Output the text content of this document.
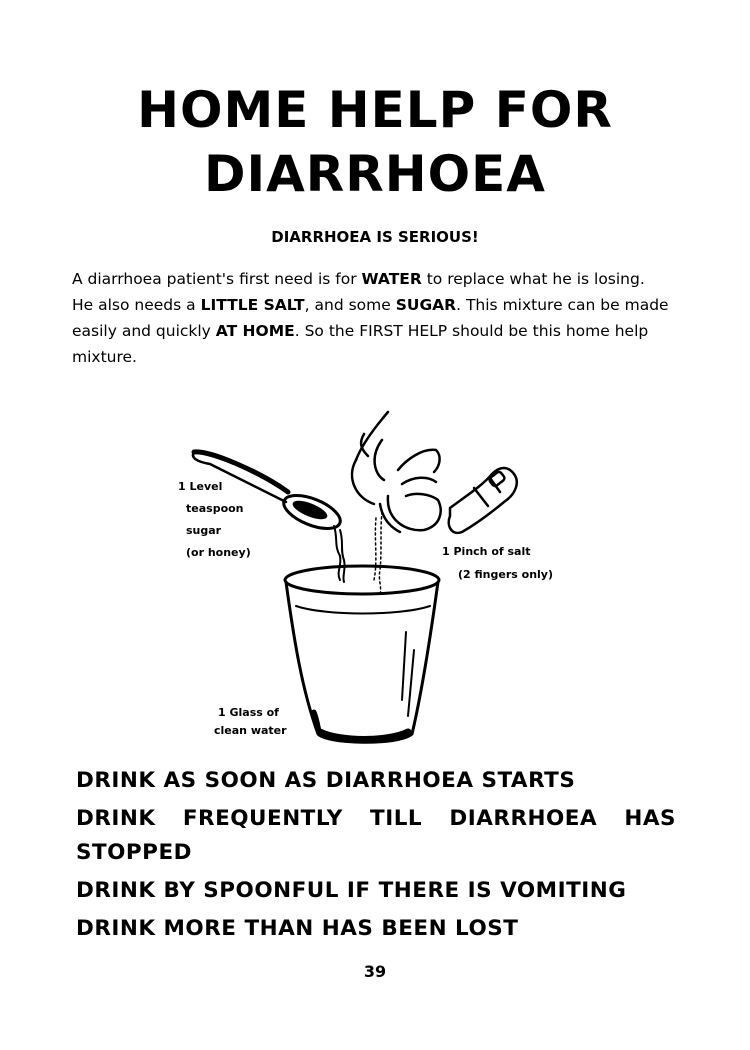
HOME HELP FOR
DIARRHOEA

DIARRHOEA IS SERIOUS!

A diarrhoea patient's first need is for WATER to replace what he is losing.
He also needs a LITTLE SALT, and some SUGAR. This mixture can be made easily and quickly AT HOME. So the FIRST HELP should be this home help mixture.

1 Level
teaspoon
sugar
(or honey)	1 Pinch of salt
(2 fingers only)
1 Glass of
clean water
DRINK AS SOON AS DIARRHOEA STARTS
DRINK FREQUENTLY TILL DIARRHOEA HAS STOPPED
DRINK BY SPOONFUL IF THERE IS VOMITING
DRINK MORE THAN HAS BEEN LOST
39
